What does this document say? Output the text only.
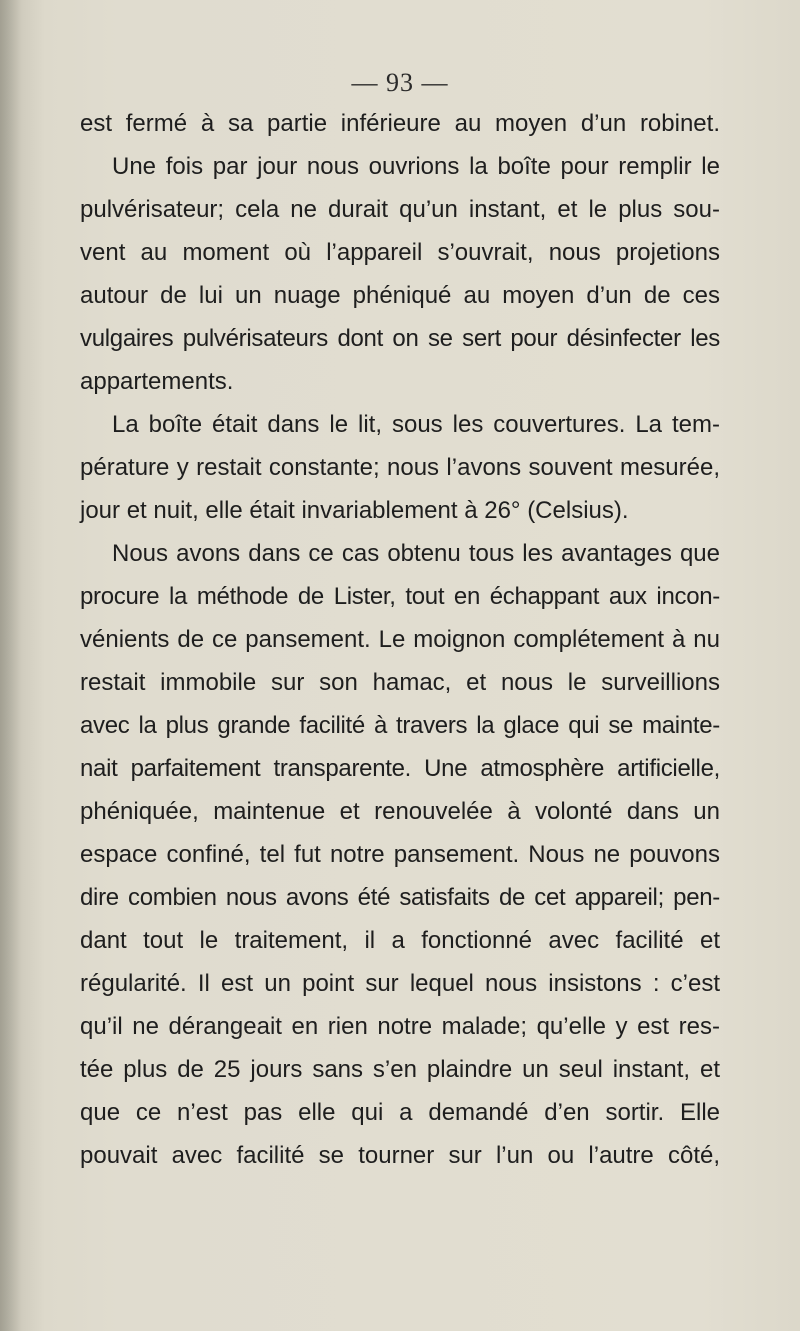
— 93 —
est fermé à sa partie inférieure au moyen d’un robinet.
Une fois par jour nous ouvrions la boîte pour remplir le
pulvérisateur; cela ne durait qu’un instant, et le plus sou-
vent au moment où l’appareil s’ouvrait, nous projetions
autour de lui un nuage phéniqué au moyen d’un de ces
vulgaires pulvérisateurs dont on se sert pour désinfecter les
appartements.
La boîte était dans le lit, sous les couvertures. La tem-
pérature y restait constante; nous l’avons souvent mesurée,
jour et nuit, elle était invariablement à 26° (Celsius).
Nous avons dans ce cas obtenu tous les avantages que
procure la méthode de Lister, tout en échappant aux incon-
vénients de ce pansement. Le moignon complétement à nu
restait immobile sur son hamac, et nous le surveillions
avec la plus grande facilité à travers la glace qui se mainte-
nait parfaitement transparente. Une atmosphère artificielle,
phéniquée, maintenue et renouvelée à volonté dans un
espace confiné, tel fut notre pansement. Nous ne pouvons
dire combien nous avons été satisfaits de cet appareil; pen-
dant tout le traitement, il a fonctionné avec facilité et
régularité. Il est un point sur lequel nous insistons : c’est
qu’il ne dérangeait en rien notre malade; qu’elle y est res-
tée plus de 25 jours sans s’en plaindre un seul instant, et
que ce n’est pas elle qui a demandé d’en sortir. Elle
pouvait avec facilité se tourner sur l’un ou l’autre côté,
